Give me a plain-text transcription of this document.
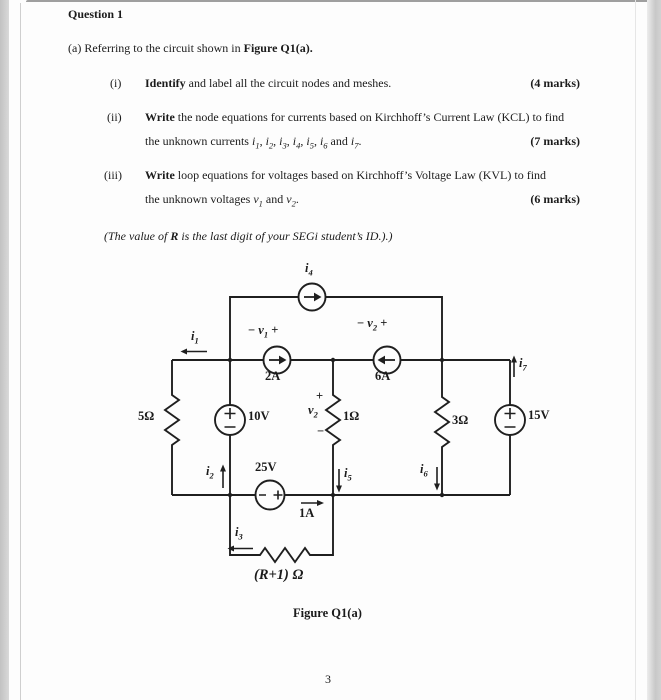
Question 1
(a) Referring to the circuit shown in Figure Q1(a).
(i) Identify and label all the circuit nodes and meshes.	(4 marks)
(ii) Write the node equations for currents based on Kirchhoff’s Current Law (KCL) to find
the unknown currents $i_1$, $i_2$, $i_3$, $i_4$, $i_5$, $i_6$ and $i_7$.	(7 marks)
(iii) Write loop equations for voltages based on Kirchhoff’s Voltage Law (KVL) to find
the unknown voltages $v_1$ and $v_2$.	(6 marks)
(The value of R is the last digit of your SEGi student’s ID.).)
$i_4$
$i_1$
− $v_1$ +
2A
− $v_2$ +
6A
5Ω	10V
+
$v_2$
−
1Ω	3Ω	15V
$i_7$
$i_2$
25V	$i_5$
$i_6$
1A
$i_3$
(R+1) Ω
Figure Q1(a)
3
